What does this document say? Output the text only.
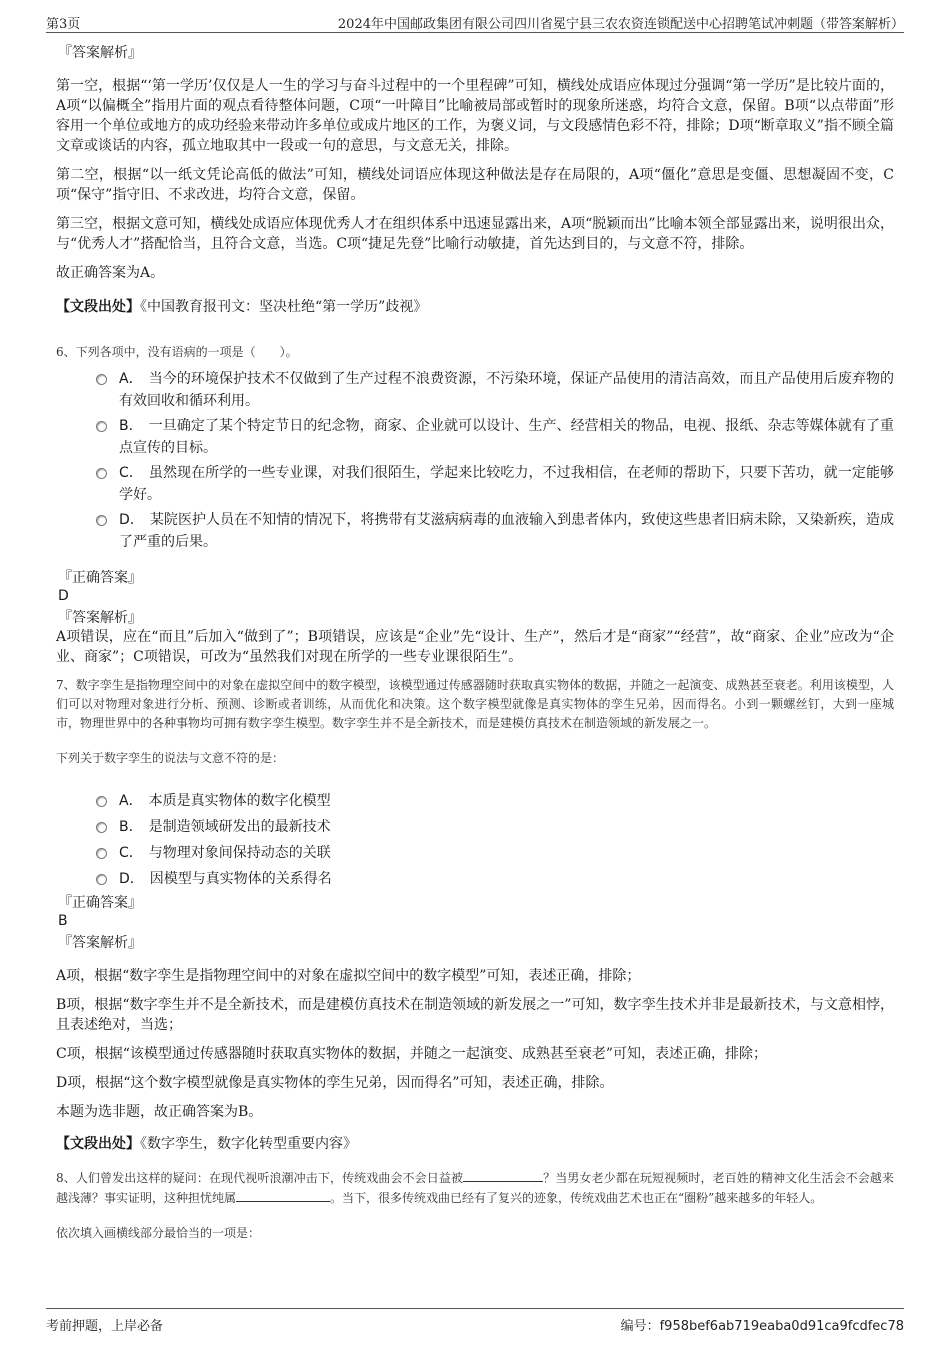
第3页	2024年中国邮政集团有限公司四川省冕宁县三农农资连锁配送中心招聘笔试冲刺题（带答案解析）
『答案解析』

第一空，根据“‘第一学历’仅仅是人一生的学习与奋斗过程中的一个里程碑”可知，横线处成语应体现过分强调“第一学历”是比较片面的，A项“以偏概全”指用片面的观点看待整体问题，C项“一叶障目”比喻被局部或暂时的现象所迷惑，均符合文意，保留。B项“以点带面”形容用一个单位或地方的成功经验来带动许多单位或成片地区的工作，为褒义词，与文段感情色彩不符，排除；D项“断章取义”指不顾全篇文章或谈话的内容，孤立地取其中一段或一句的意思，与文意无关，排除。

第二空，根据“以一纸文凭论高低的做法”可知，横线处词语应体现这种做法是存在局限的，A项“僵化”意思是变僵、思想凝固不变，C项“保守”指守旧、不求改进，均符合文意，保留。

第三空，根据文意可知，横线处成语应体现优秀人才在组织体系中迅速显露出来，A项“脱颖而出”比喻本领全部显露出来，说明很出众，与“优秀人才”搭配恰当，且符合文意，当选。C项“捷足先登”比喻行动敏捷，首先达到目的，与文意不符，排除。

故正确答案为A。

【文段出处】《中国教育报刊文：坚决杜绝“第一学历”歧视》

6、下列各项中，没有语病的一项是（　　）。

A． 当今的环境保护技术不仅做到了生产过程不浪费资源，不污染环境，保证产品使用的清洁高效，而且产品使用后废弃物的有效回收和循环利用。
B． 一旦确定了某个特定节日的纪念物，商家、企业就可以设计、生产、经营相关的物品，电视、报纸、杂志等媒体就有了重点宣传的目标。
C． 虽然现在所学的一些专业课，对我们很陌生，学起来比较吃力，不过我相信，在老师的帮助下，只要下苦功，就一定能够学好。
D． 某院医护人员在不知情的情况下，将携带有艾滋病病毒的血液输入到患者体内，致使这些患者旧病未除，又染新疾，造成了严重的后果。
『正确答案』
D
『答案解析』

A项错误，应在“而且”后加入“做到了”；B项错误，应该是“企业”先“设计、生产”，然后才是“商家”“经营”，故“商家、企业”应改为“企业、商家”；C项错误，可改为“虽然我们对现在所学的一些专业课很陌生”。

7、数字孪生是指物理空间中的对象在虚拟空间中的数字模型，该模型通过传感器随时获取真实物体的数据，并随之一起演变、成熟甚至衰老。利用该模型，人们可以对物理对象进行分析、预测、诊断或者训练，从而优化和决策。这个数字模型就像是真实物体的孪生兄弟，因而得名。小到一颗螺丝钉，大到一座城市，物理世界中的各种事物均可拥有数字孪生模型。数字孪生并不是全新技术，而是建模仿真技术在制造领域的新发展之一。

下列关于数字孪生的说法与文意不符的是：

A． 本质是真实物体的数字化模型
B． 是制造领域研发出的最新技术
C． 与物理对象间保持动态的关联
D． 因模型与真实物体的关系得名
『正确答案』
B
『答案解析』

A项，根据“数字孪生是指物理空间中的对象在虚拟空间中的数字模型”可知，表述正确，排除；

B项，根据“数字孪生并不是全新技术，而是建模仿真技术在制造领域的新发展之一”可知，数字孪生技术并非是最新技术，与文意相悖，且表述绝对，当选；

C项，根据“该模型通过传感器随时获取真实物体的数据，并随之一起演变、成熟甚至衰老”可知，表述正确，排除；

D项，根据“这个数字模型就像是真实物体的孪生兄弟，因而得名”可知，表述正确，排除。

本题为选非题，故正确答案为B。

【文段出处】《数字孪生，数字化转型重要内容》

8、人们曾发出这样的疑问：在现代视听浪潮冲击下，传统戏曲会不会日益被	？当男女老少都在玩短视频时，老百姓的精神文化生活会不会越来越浅薄？事实证明，这种担忧纯属	。当下，很多传统戏曲已经有了复兴的迹象，传统戏曲艺术也正在“圈粉”越来越多的年轻人。

依次填入画横线部分最恰当的一项是：

考前押题，上岸必备	编号：f958bef6ab719eaba0d91ca9fcdfec78
